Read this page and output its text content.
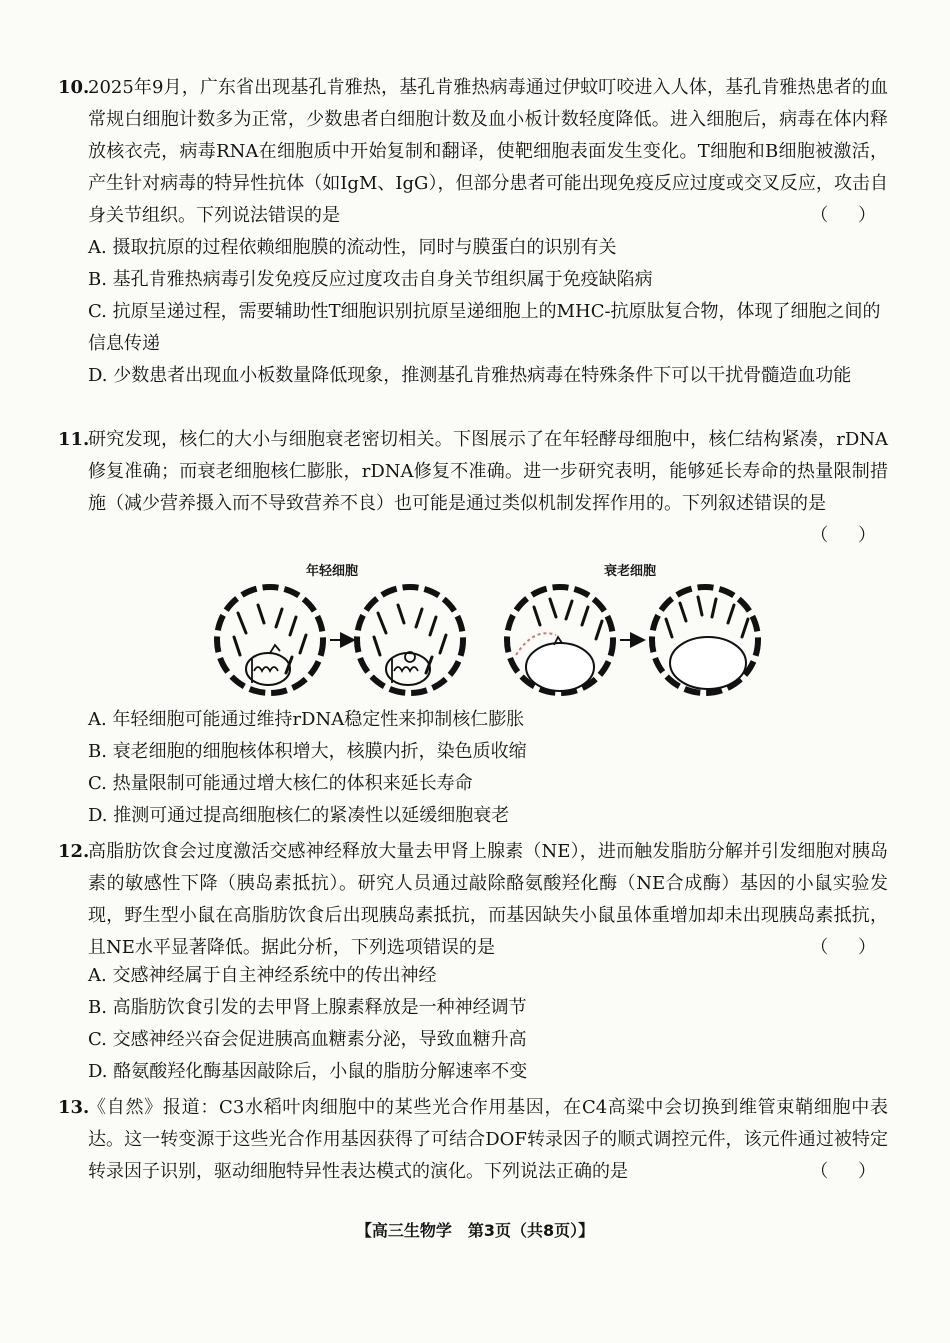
10.
2025年9月，广东省出现基孔肯雅热，基孔肯雅热病毒通过伊蚊叮咬进入人体，基孔肯雅热患者的血常规白细胞计数多为正常，少数患者白细胞计数及血小板计数轻度降低。进入细胞后，病毒在体内释放核衣壳，病毒RNA在细胞质中开始复制和翻译，使靶细胞表面发生变化。T细胞和B细胞被激活，产生针对病毒的特异性抗体（如IgM、IgG），但部分患者可能出现免疫反应过度或交叉反应，攻击自身关节组织。下列说法错误的是	（ ）
A. 摄取抗原的过程依赖细胞膜的流动性，同时与膜蛋白的识别有关
B. 基孔肯雅热病毒引发免疫反应过度攻击自身关节组织属于免疫缺陷病
C. 抗原呈递过程，需要辅助性T细胞识别抗原呈递细胞上的MHC-抗原肽复合物，体现了细胞之间的信息传递
D. 少数患者出现血小板数量降低现象，推测基孔肯雅热病毒在特殊条件下可以干扰骨髓造血功能
11.
研究发现，核仁的大小与细胞衰老密切相关。下图展示了在年轻酵母细胞中，核仁结构紧凑，rDNA修复准确；而衰老细胞核仁膨胀，rDNA修复不准确。进一步研究表明，能够延长寿命的热量限制措施（减少营养摄入而不导致营养不良）也可能是通过类似机制发挥作用的。下列叙述错误的是
（ ）
年轻细胞	衰老细胞
A. 年轻细胞可能通过维持rDNA稳定性来抑制核仁膨胀
B. 衰老细胞的细胞核体积增大，核膜内折，染色质收缩
C. 热量限制可能通过增大核仁的体积来延长寿命
D. 推测可通过提高细胞核仁的紧凑性以延缓细胞衰老
12.
高脂肪饮食会过度激活交感神经释放大量去甲肾上腺素（NE），进而触发脂肪分解并引发细胞对胰岛素的敏感性下降（胰岛素抵抗）。研究人员通过敲除酪氨酸羟化酶（NE合成酶）基因的小鼠实验发现，野生型小鼠在高脂肪饮食后出现胰岛素抵抗，而基因缺失小鼠虽体重增加却未出现胰岛素抵抗，且NE水平显著降低。据此分析，下列选项错误的是	（ ）
A. 交感神经属于自主神经系统中的传出神经
B. 高脂肪饮食引发的去甲肾上腺素释放是一种神经调节
C. 交感神经兴奋会促进胰高血糖素分泌，导致血糖升高
D. 酪氨酸羟化酶基因敲除后，小鼠的脂肪分解速率不变
13.
《自然》报道：C3水稻叶肉细胞中的某些光合作用基因，在C4高粱中会切换到维管束鞘细胞中表达。这一转变源于这些光合作用基因获得了可结合DOF转录因子的顺式调控元件，该元件通过被特定转录因子识别，驱动细胞特异性表达模式的演化。下列说法正确的是	（ ）
【高三生物学　第3页（共8页）】
